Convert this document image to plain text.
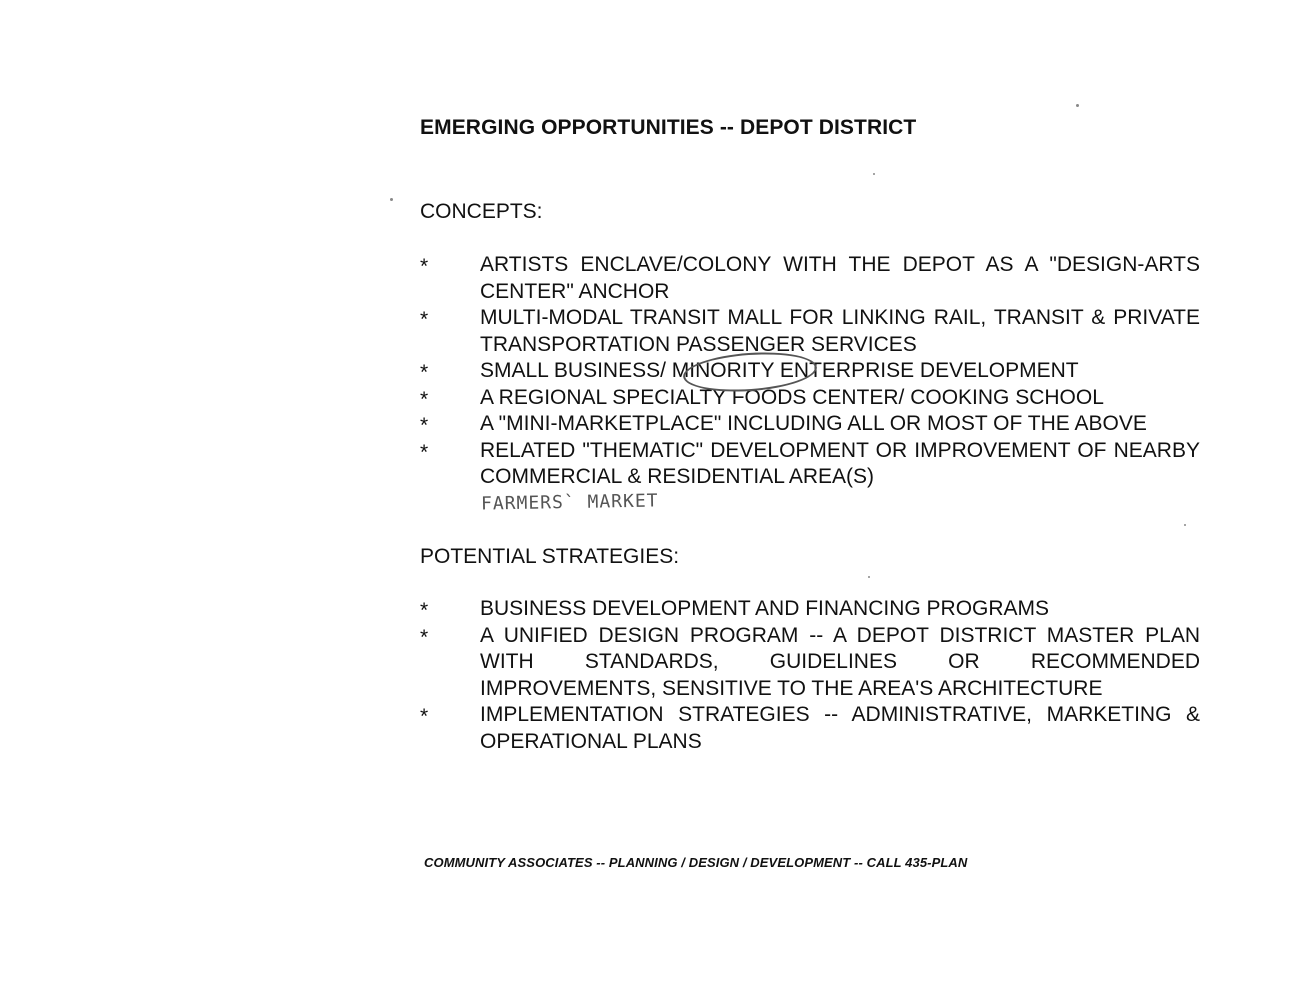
EMERGING OPPORTUNITIES -- DEPOT DISTRICT
CONCEPTS:
* ARTISTS ENCLAVE/COLONY WITH THE DEPOT AS A "DESIGN-ARTS CENTER" ANCHOR
* MULTI-MODAL TRANSIT MALL FOR LINKING RAIL, TRANSIT & PRIVATE TRANSPORTATION PASSENGER SERVICES
* SMALL BUSINESS/ MINORITY ENTERPRISE DEVELOPMENT
* A REGIONAL SPECIALTY FOODS CENTER/ COOKING SCHOOL
* A "MINI-MARKETPLACE" INCLUDING ALL OR MOST OF THE ABOVE
* RELATED "THEMATIC" DEVELOPMENT OR IMPROVEMENT OF NEARBY COMMERCIAL & RESIDENTIAL AREA(S)
FARMERS` MARKET
POTENTIAL STRATEGIES:
* BUSINESS DEVELOPMENT AND FINANCING PROGRAMS
* A UNIFIED DESIGN PROGRAM -- A DEPOT DISTRICT MASTER PLAN WITH STANDARDS, GUIDELINES OR RECOMMENDED IMPROVEMENTS, SENSITIVE TO THE AREA'S ARCHITECTURE
* IMPLEMENTATION STRATEGIES -- ADMINISTRATIVE, MARKETING & OPERATIONAL PLANS
COMMUNITY ASSOCIATES -- PLANNING / DESIGN / DEVELOPMENT -- CALL 435-PLAN
